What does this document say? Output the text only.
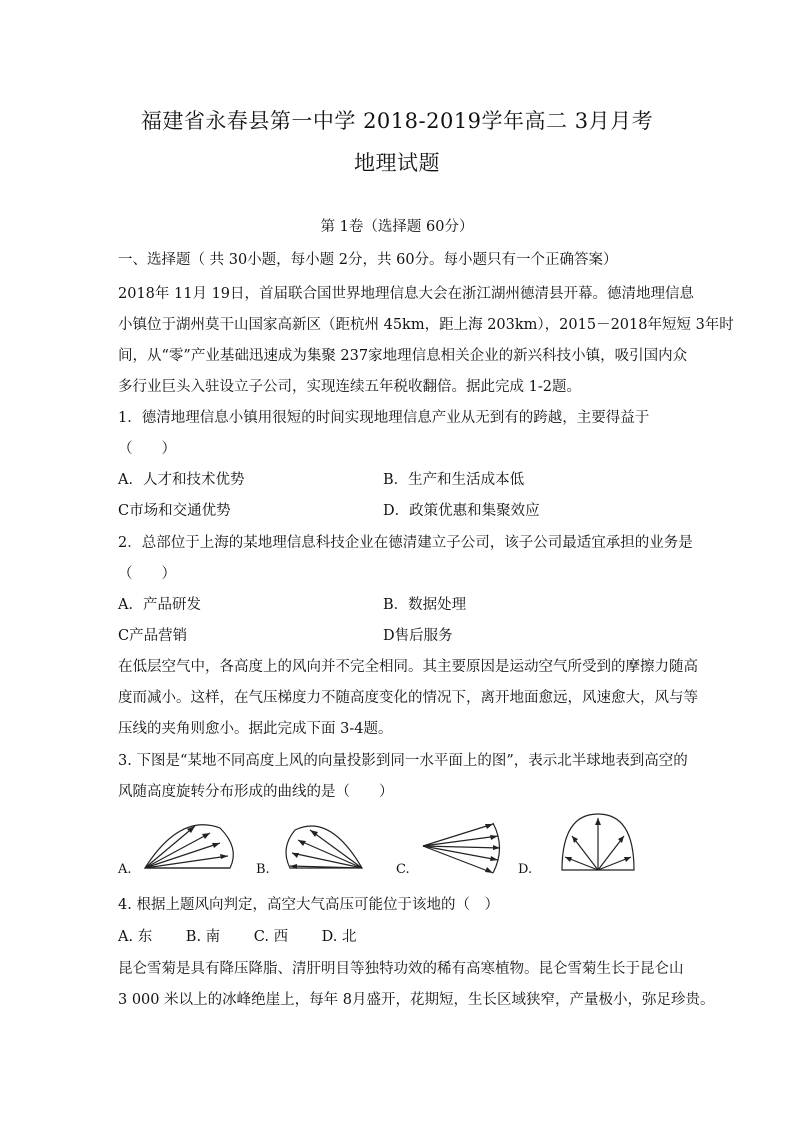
福建省永春县第一中学 2018-2019学年高二 3月月考
地理试题
第 1卷（选择题 60分）
一、选择题（ 共 30小题，每小题 2分，共 60分。每小题只有一个正确答案）
2018年 11月 19日，首届联合国世界地理信息大会在浙江湖州德清县开幕。德清地理信息
小镇位于湖州莫干山国家高新区（距杭州 45km，距上海 203km），2015－2018年短短 3年时
间，从“零”产业基础迅速成为集聚 237家地理信息相关企业的新兴科技小镇，吸引国内众
多行业巨头入驻设立子公司，实现连续五年税收翻倍。据此完成 1-2题。
1．德清地理信息小镇用很短的时间实现地理信息产业从无到有的跨越，主要得益于
（　　）
A．人才和技术优势	B．生产和生活成本低
C市场和交通优势	D．政策优惠和集聚效应
2．总部位于上海的某地理信息科技企业在德清建立子公司，该子公司最适宜承担的业务是
（　　）
A．产品研发	B．数据处理
C产品营销	D售后服务
在低层空气中，各高度上的风向并不完全相同。其主要原因是运动空气所受到的摩擦力随高
度而减小。这样，在气压梯度力不随高度变化的情况下，离开地面愈远，风速愈大，风与等
压线的夹角则愈小。据此完成下面 3-4题。
3. 下图是“某地不同高度上风的向量投影到同一水平面上的图”，表示北半球地表到高空的
风随高度旋转分布形成的曲线的是（　　）
A.	B.	C.	D.
4. 根据上题风向判定，高空大气高压可能位于该地的（　）
A. 东　　 B. 南　　 C. 西　　 D. 北
昆仑雪菊是具有降压降脂、清肝明目等独特功效的稀有高寒植物。昆仑雪菊生长于昆仑山
3 000 米以上的冰峰绝崖上，每年 8月盛开，花期短，生长区域狭窄，产量极小，弥足珍贵。
